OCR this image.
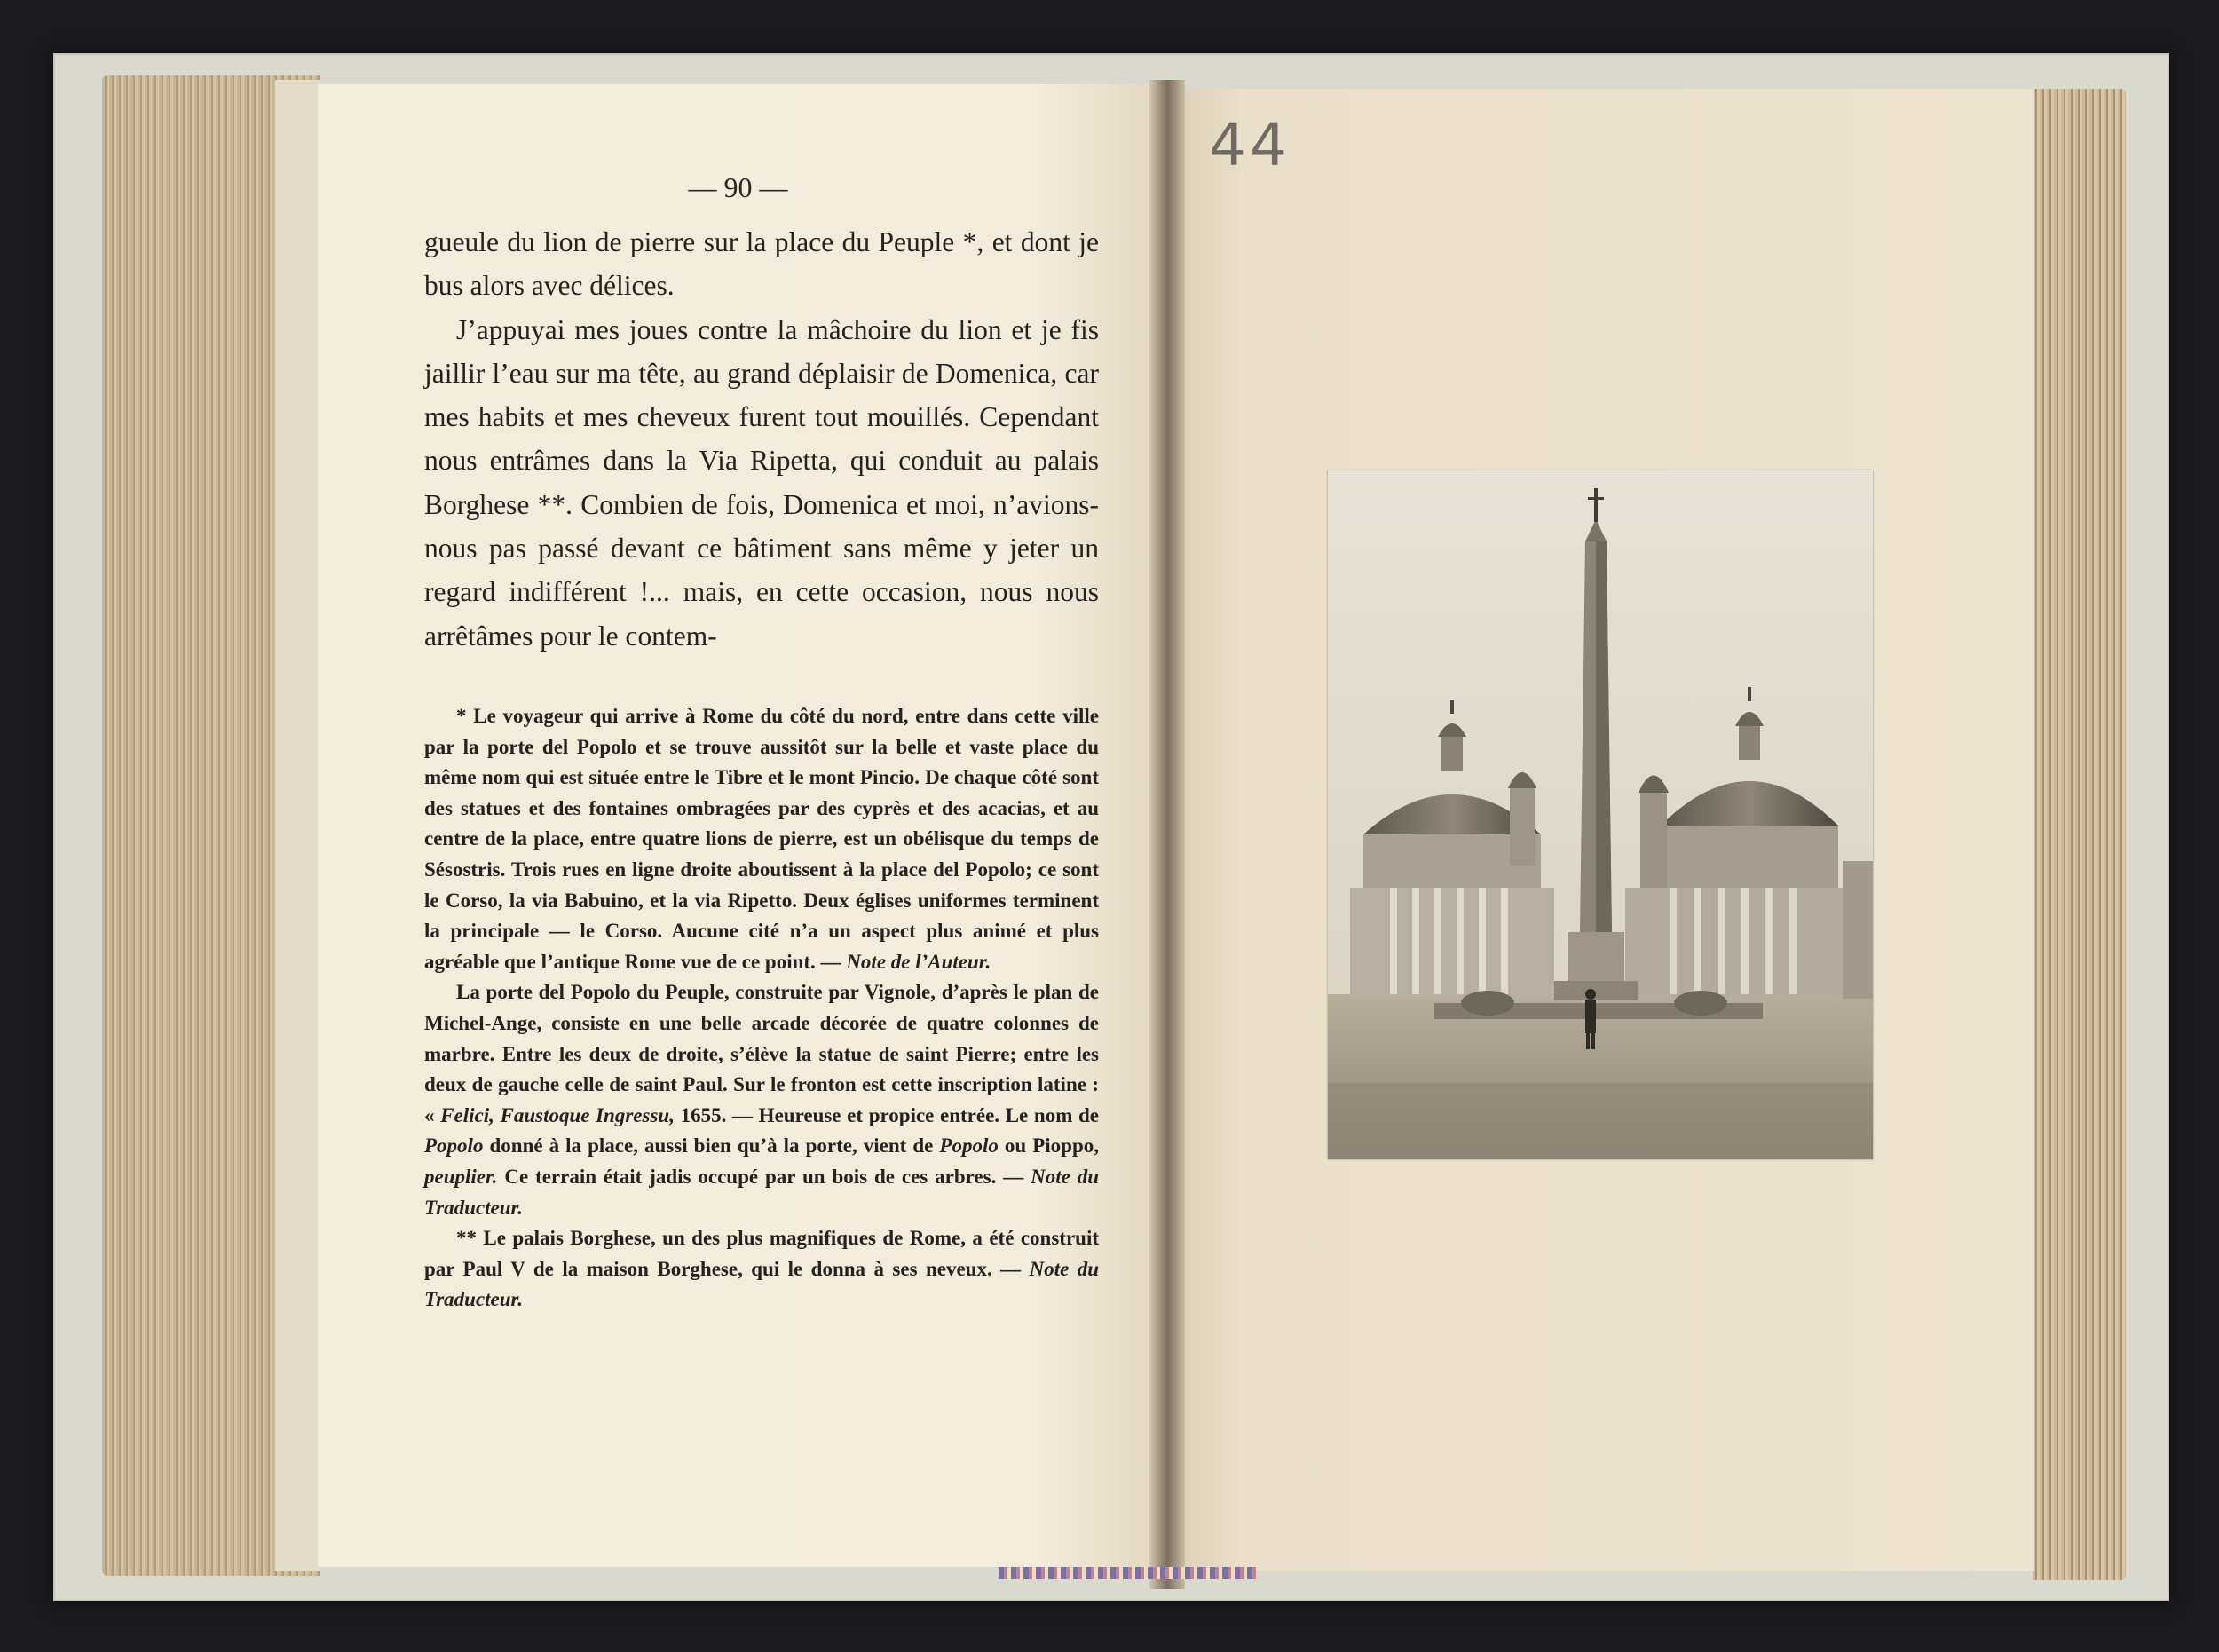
— 90 —

gueule du lion de pierre sur la place du Peuple *, et dont je bus alors avec délices.

J’appuyai mes joues contre la mâchoire du lion et je fis jaillir l’eau sur ma tête, au grand déplaisir de Domenica, car mes habits et mes cheveux furent tout mouillés. Cependant nous entrâmes dans la Via Ripetta, qui conduit au palais Borghese **. Combien de fois, Domenica et moi, n’avions-nous pas passé devant ce bâtiment sans même y jeter un regard indifférent !... mais, en cette occasion, nous nous arrêtâmes pour le contem-

* Le voyageur qui arrive à Rome du côté du nord, entre dans cette ville par la porte del Popolo et se trouve aussitôt sur la belle et vaste place du même nom qui est située entre le Tibre et le mont Pincio. De chaque côté sont des statues et des fontaines ombragées par des cyprès et des acacias, et au centre de la place, entre quatre lions de pierre, est un obélisque du temps de Sésostris. Trois rues en ligne droite aboutissent à la place del Popolo; ce sont le Corso, la via Babuino, et la via Ripetto. Deux églises uniformes terminent la principale — le Corso. Aucune cité n’a un aspect plus animé et plus agréable que l’antique Rome vue de ce point. — Note de l’Auteur.

La porte del Popolo du Peuple, construite par Vignole, d’après le plan de Michel-Ange, consiste en une belle arcade décorée de quatre colonnes de marbre. Entre les deux de droite, s’élève la statue de saint Pierre; entre les deux de gauche celle de saint Paul. Sur le fronton est cette inscription latine : « Felici, Faustoque Ingressu, 1655. — Heureuse et propice entrée. Le nom de Popolo donné à la place, aussi bien qu’à la porte, vient de Popolo ou Pioppo, peuplier. Ce terrain était jadis occupé par un bois de ces arbres. — Note du Traducteur.

** Le palais Borghese, un des plus magnifiques de Rome, a été construit par Paul V de la maison Borghese, qui le donna à ses neveux. — Note du Traducteur.

44
